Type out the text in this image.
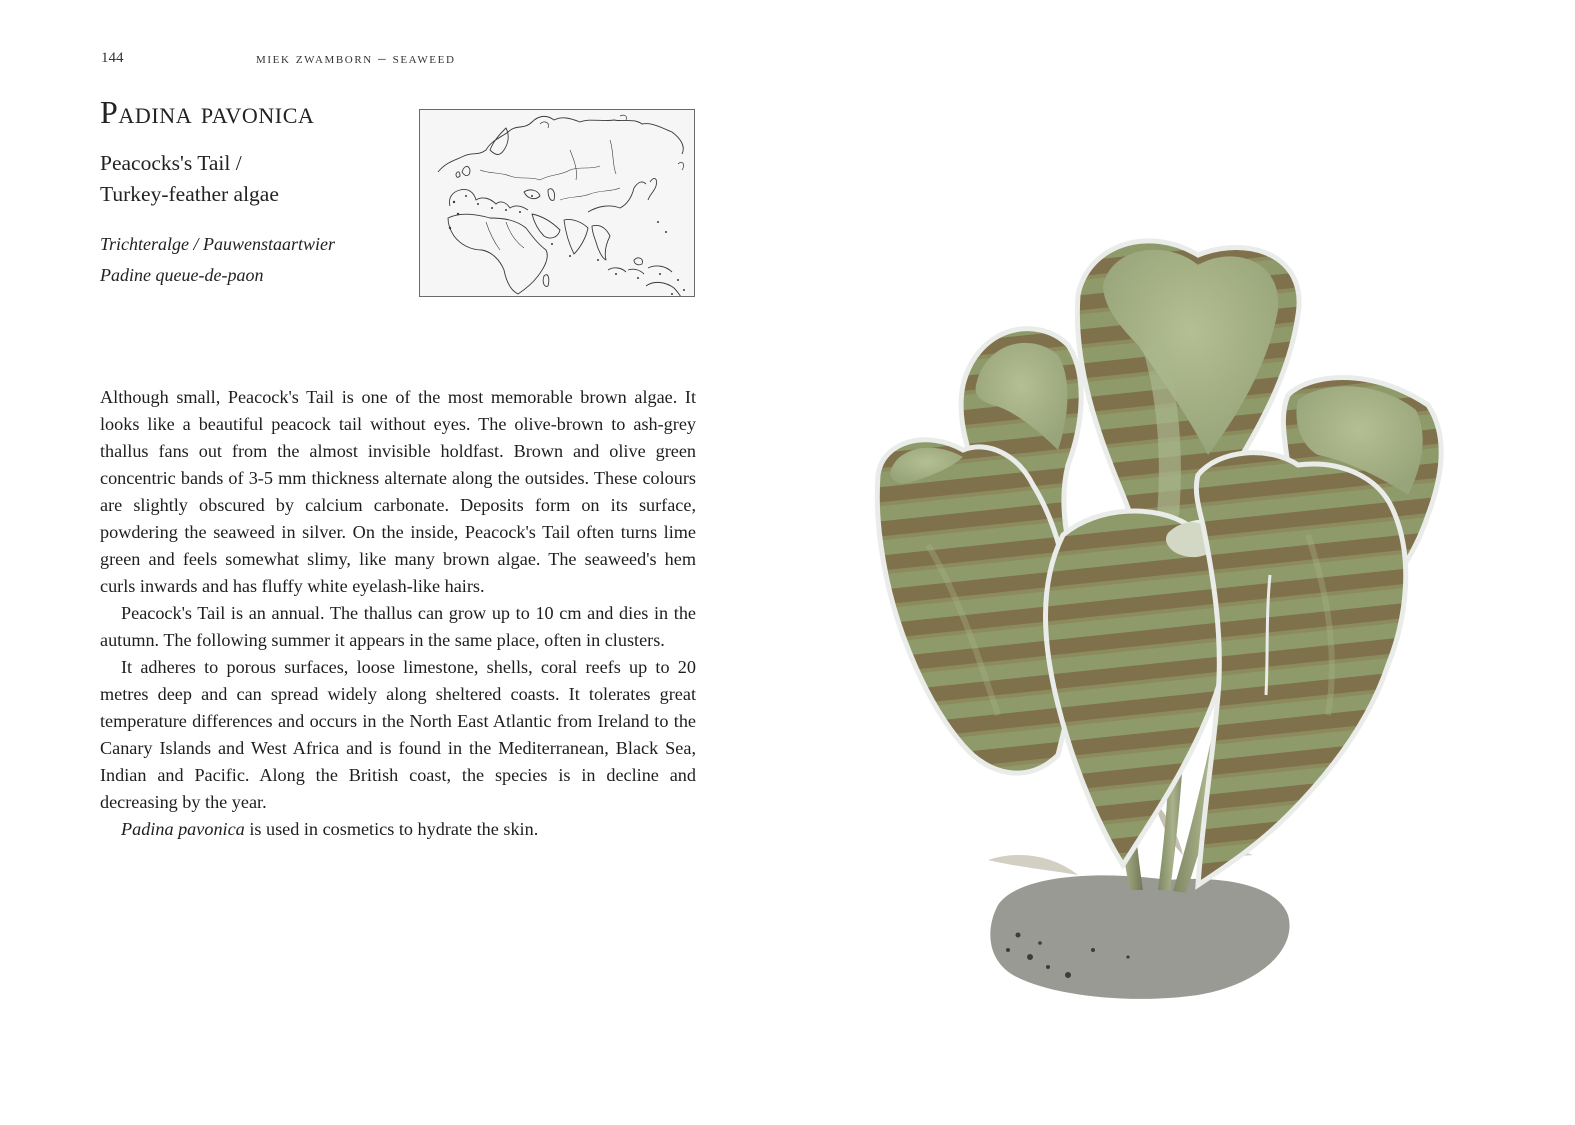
144	miek zwamborn – seaweed
Padina pavonica
Peacocks's Tail /
Turkey-feather algae
Trichteralge / Pauwenstaartwier
Padine queue-de-paon

Although small, Peacock's Tail is one of the most memorable brown algae. It looks like a beautiful peacock tail without eyes. The olive-brown to ash-grey thallus fans out from the almost invisible holdfast. Brown and olive green concentric bands of 3-5 mm thickness alternate along the outsides. These colours are slightly obscured by calcium carbonate. Deposits form on its surface, powdering the seaweed in silver. On the inside, Peacock's Tail often turns lime green and feels somewhat slimy, like many brown algae. The seaweed's hem curls inwards and has fluffy white eyelash-like hairs.

Peacock's Tail is an annual. The thallus can grow up to 10 cm and dies in the autumn. The following summer it appears in the same place, often in clusters.

It adheres to porous surfaces, loose limestone, shells, coral reefs up to 20 metres deep and can spread widely along sheltered coasts. It tolerates great temperature differences and occurs in the North East Atlantic from Ireland to the Canary Islands and West Africa and is found in the Mediterranean, Black Sea, Indian and Pacific. Along the British coast, the species is in decline and decreasing by the year.

Padina pavonica is used in cosmetics to hydrate the skin.
